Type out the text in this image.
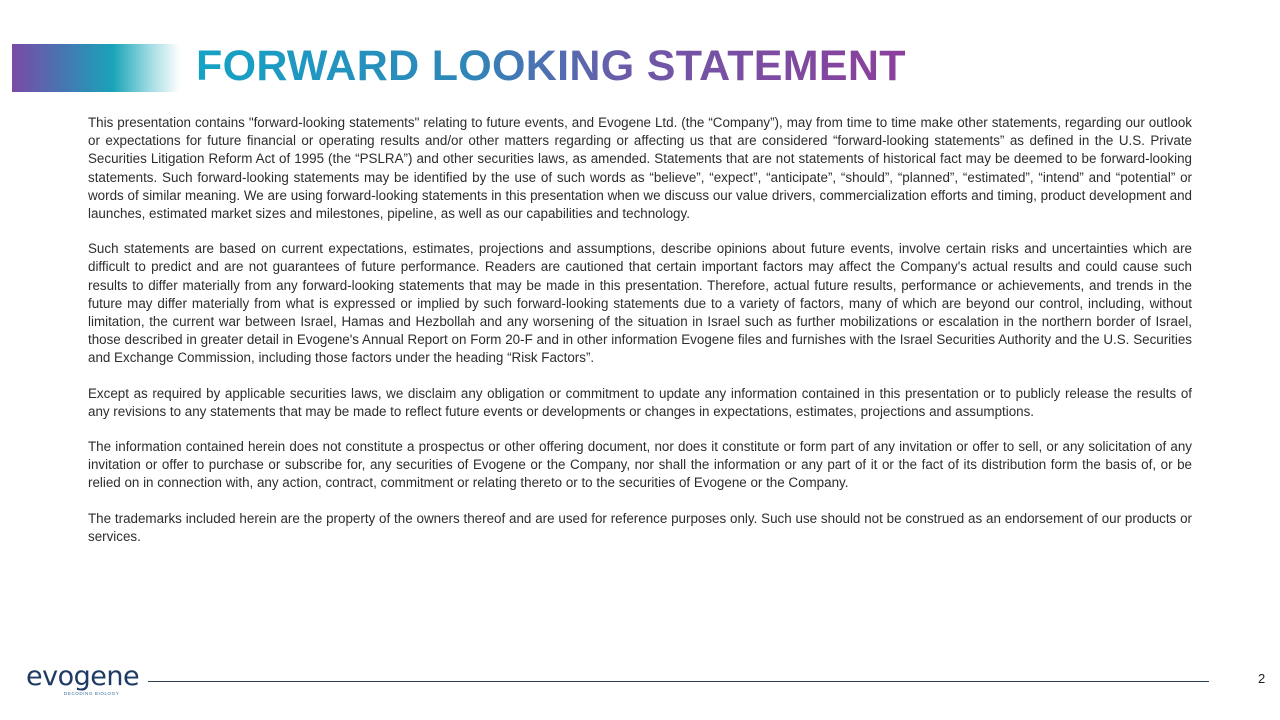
FORWARD LOOKING STATEMENT

This presentation contains "forward-looking statements" relating to future events, and Evogene Ltd. (the “Company”), may from time to time make other statements, regarding our outlook or expectations for future financial or operating results and/or other matters regarding or affecting us that are considered “forward-looking statements” as defined in the U.S. Private Securities Litigation Reform Act of 1995 (the “PSLRA”) and other securities laws, as amended. Statements that are not statements of historical fact may be deemed to be forward-looking statements. Such forward-looking statements may be identified by the use of such words as “believe”, “expect”, “anticipate”, “should”, “planned”, “estimated”, “intend” and “potential” or words of similar meaning. We are using forward-looking statements in this presentation when we discuss our value drivers, commercialization efforts and timing, product development and launches, estimated market sizes and milestones, pipeline, as well as our capabilities and technology.

Such statements are based on current expectations, estimates, projections and assumptions, describe opinions about future events, involve certain risks and uncertainties which are difficult to predict and are not guarantees of future performance. Readers are cautioned that certain important factors may affect the Company's actual results and could cause such results to differ materially from any forward-looking statements that may be made in this presentation. Therefore, actual future results, performance or achievements, and trends in the future may differ materially from what is expressed or implied by such forward-looking statements due to a variety of factors, many of which are beyond our control, including, without limitation, the current war between Israel, Hamas and Hezbollah and any worsening of the situation in Israel such as further mobilizations or escalation in the northern border of Israel, those described in greater detail in Evogene's Annual Report on Form 20-F and in other information Evogene files and furnishes with the Israel Securities Authority and the U.S. Securities and Exchange Commission, including those factors under the heading “Risk Factors”.

Except as required by applicable securities laws, we disclaim any obligation or commitment to update any information contained in this presentation or to publicly release the results of any revisions to any statements that may be made to reflect future events or developments or changes in expectations, estimates, projections and assumptions.

The information contained herein does not constitute a prospectus or other offering document, nor does it constitute or form part of any invitation or offer to sell, or any solicitation of any invitation or offer to purchase or subscribe for, any securities of Evogene or the Company, nor shall the information or any part of it or the fact of its distribution form the basis of, or be relied on in connection with, any action, contract, commitment or relating thereto or to the securities of Evogene or the Company.

The trademarks included herein are the property of the owners thereof and are used for reference purposes only. Such use should not be construed as an endorsement of our products or services.

evogene
DECODING BIOLOGY
2
